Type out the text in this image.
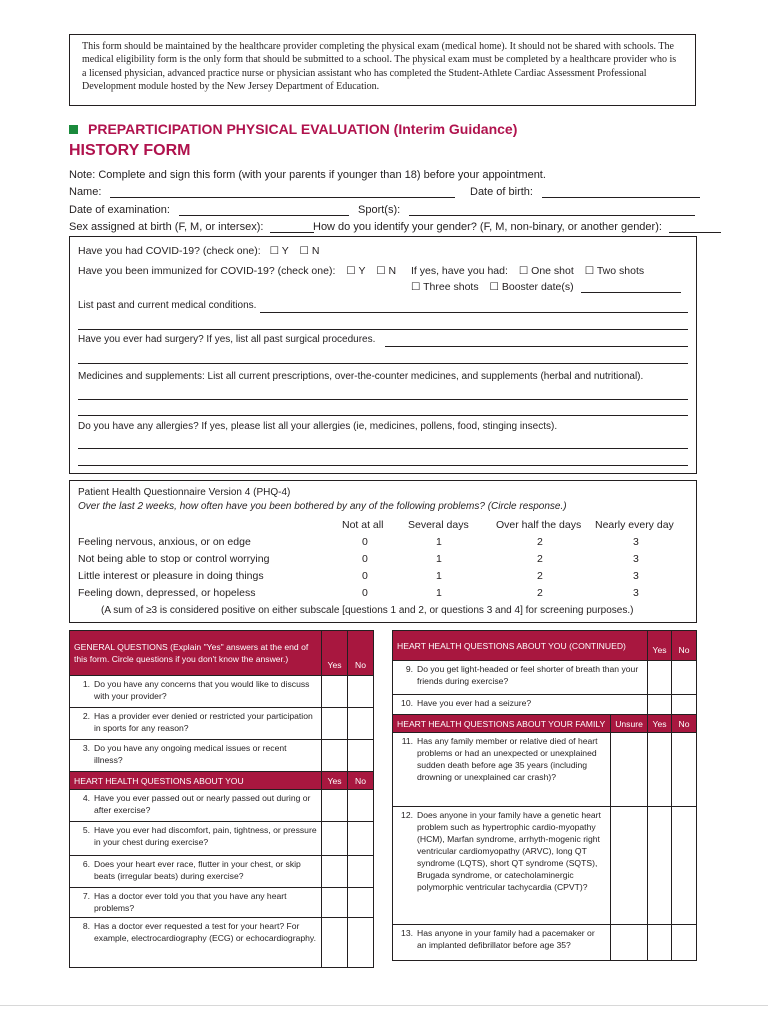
This form should be maintained by the healthcare provider completing the physical exam (medical home). It should not be shared with schools. The medical eligibility form is the only form that should be submitted to a school. The physical exam must be completed by a healthcare provider who is a licensed physician, advanced practice nurse or physician assistant who has completed the Student-Athlete Cardiac Assessment Professional Development module hosted by the New Jersey Department of Education.
PREPARTICIPATION PHYSICAL EVALUATION (Interim Guidance)
HISTORY FORM
Note: Complete and sign this form (with your parents if younger than 18) before your appointment.
Name:	Date of birth:
Date of examination:	Sport(s):
Sex assigned at birth (F, M, or intersex):	How do you identify your gender? (F, M, non-binary, or another gender):
Have you had COVID-19? (check one): ☐ Y ☐ N
Have you been immunized for COVID-19? (check one): ☐ Y ☐ N If yes, have you had: ☐ One shot ☐ Two shots
☐ Three shots ☐ Booster date(s)
List past and current medical conditions.
Have you ever had surgery? If yes, list all past surgical procedures.
Medicines and supplements: List all current prescriptions, over-the-counter medicines, and supplements (herbal and nutritional).
Do you have any allergies? If yes, please list all your allergies (ie, medicines, pollens, food, stinging insects).
Patient Health Questionnaire Version 4 (PHQ-4)
Over the last 2 weeks, how often have you been bothered by any of the following problems? (Circle response.)
Not at all Several days	Over half the days Nearly every day
Feeling nervous, anxious, or on edge	0	1	2	3
Not being able to stop or control worrying	0	1	2	3
Little interest or pleasure in doing things	0	1	2	3
Feeling down, depressed, or hopeless	0	1	2	3
(A sum of ≥3 is considered positive on either subscale [questions 1 and 2, or questions 3 and 4] for screening purposes.)
GENERAL QUESTIONS (Explain "Yes" answers at the end of this form. Circle questions if you don't know the answer.)	Yes	No

1. Do you have any concerns that you would like to discuss with your provider?		

2. Has a provider ever denied or restricted your participation in sports for any reason?		

3. Do you have any ongoing medical issues or recent illness?		

HEART HEALTH QUESTIONS ABOUT YOU	Yes	No

4. Have you ever passed out or nearly passed out during or after exercise?		

5. Have you ever had discomfort, pain, tightness, or pressure in your chest during exercise?		

6. Does your heart ever race, flutter in your chest, or skip beats (irregular beats) during exercise?		

7. Has a doctor ever told you that you have any heart problems?		

8. Has a doctor ever requested a test for your heart? For example, electrocardiography (ECG) or echocardiography.		

HEART HEALTH QUESTIONS ABOUT YOU (CONTINUED)		Yes	No

9. Do you get light-headed or feel shorter of breath than your friends during exercise?			

10. Have you ever had a seizure?			

HEART HEALTH QUESTIONS ABOUT YOUR FAMILY	Unsure	Yes	No

11. Has any family member or relative died of heart problems or had an unexpected or unexplained sudden death before age 35 years (including drowning or unexplained car crash)?			

12. Does anyone in your family have a genetic heart problem such as hypertrophic cardio-myopathy (HCM), Marfan syndrome, arrhyth-mogenic right ventricular cardiomyopathy (ARVC), long QT syndrome (LQTS), short QT syndrome (SQTS), Brugada syndrome, or catecholaminergic polymorphic ventricular tachycardia (CPVT)?			

13. Has anyone in your family had a pacemaker or an implanted defibrillator before age 35?			
